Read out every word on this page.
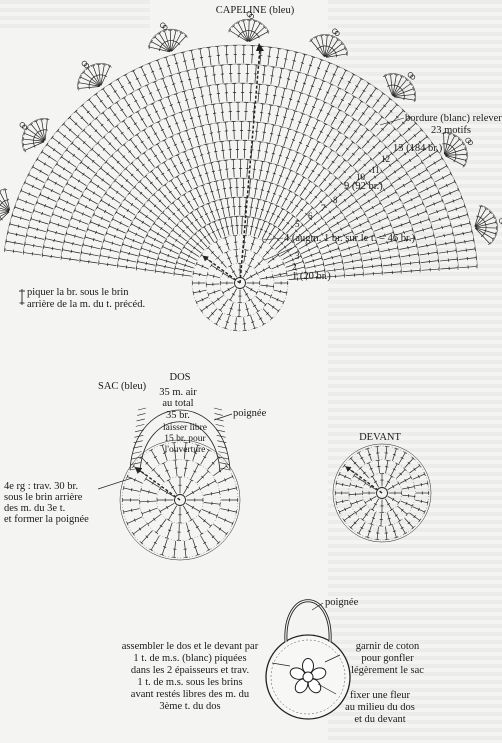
CAPELINE (bleu)
bordure (blanc) relever
23 motifs
13 (184 br.)
12
11
10
9 (92 br.)
8
7
6
5
4 (augm. 1 br. sur le t. = 46 br.)
3
2
1 (20 br.)
piquer la br. sous le brin
arrière de la m. du t. précéd.
SAC (bleu)
DOS
35 m. air
au total
35 br.
laisser libre
15 br. pour
l'ouverture
poignée
4e rg : trav. 30 br.
sous le brin arrière
des m. du 3e t.
et former la poignée
DEVANT
poignée
assembler le dos et le devant par
1 t. de m.s. (blanc) piquées
dans les 2 épaisseurs et trav.
1 t. de m.s. sous les brins
avant restés libres des m. du
3ème t. du dos
garnir de coton
pour gonfler
légèrement le sac
fixer une fleur
au milieu du dos
et du devant
